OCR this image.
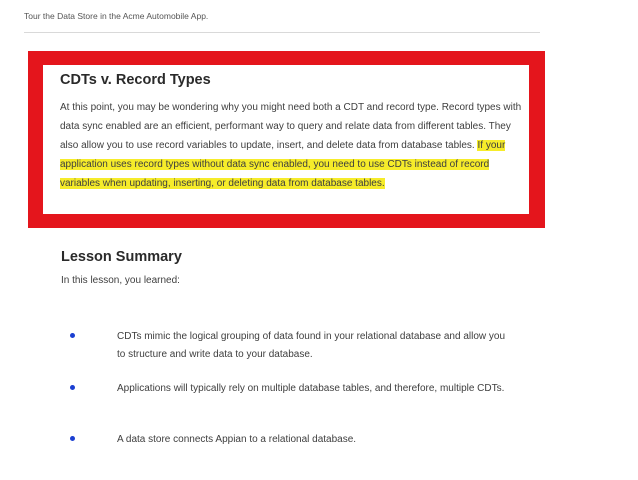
Tour the Data Store in the Acme Automobile App.
CDTs v. Record Types
At this point, you may be wondering why you might need both a CDT and record type. Record types with data sync enabled are an efficient, performant way to query and relate data from different tables. They also allow you to use record variables to update, insert, and delete data from database tables. If your application uses record types without data sync enabled, you need to use CDTs instead of record variables when updating, inserting, or deleting data from database tables.
Lesson Summary
In this lesson, you learned:
CDTs mimic the logical grouping of data found in your relational database and allow you to structure and write data to your database.
Applications will typically rely on multiple database tables, and therefore, multiple CDTs.
A data store connects Appian to a relational database.
